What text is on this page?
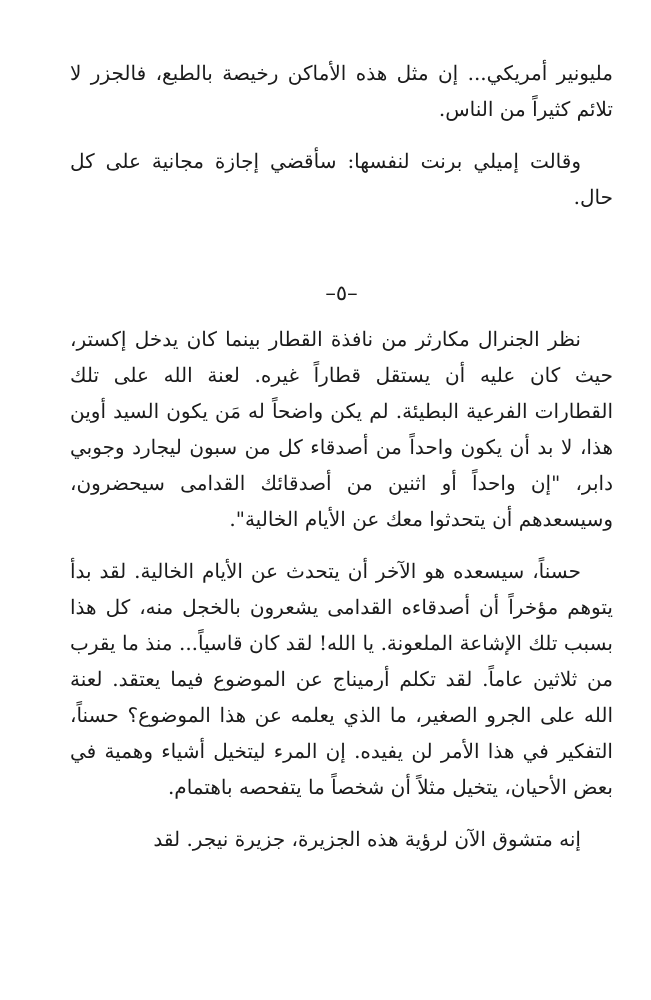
مليونير أمريكي... إن مثل هذه الأماكن رخيصة بالطبع، فالجزر لا تلائم كثيراً من الناس.

وقالت إميلي برنت لنفسها: سأقضي إجازة مجانية على كل حال.

–٥–

نظر الجنرال مكارثر من نافذة القطار بينما كان يدخل إكستر، حيث كان عليه أن يستقل قطاراً غيره. لعنة الله على تلك القطارات الفرعية البطيئة. لم يكن واضحاً له مَن يكون السيد أوين هذا، لا بد أن يكون واحداً من أصدقاء كل من سبون ليجارد وجوبي دابر، "إن واحداً أو اثنين من أصدقائك القدامى سيحضرون، وسيسعدهم أن يتحدثوا معك عن الأيام الخالية".

حسناً، سيسعده هو الآخر أن يتحدث عن الأيام الخالية. لقد بدأ يتوهم مؤخراً أن أصدقاءه القدامى يشعرون بالخجل منه، كل هذا بسبب تلك الإشاعة الملعونة. يا الله! لقد كان قاسياً... منذ ما يقرب من ثلاثين عاماً. لقد تكلم أرميناج عن الموضوع فيما يعتقد. لعنة الله على الجرو الصغير، ما الذي يعلمه عن هذا الموضوع؟ حسناً، التفكير في هذا الأمر لن يفيده. إن المرء ليتخيل أشياء وهمية في بعض الأحيان، يتخيل مثلاً أن شخصاً ما يتفحصه باهتمام.

إنه متشوق الآن لرؤية هذه الجزيرة، جزيرة نيجر. لقد
